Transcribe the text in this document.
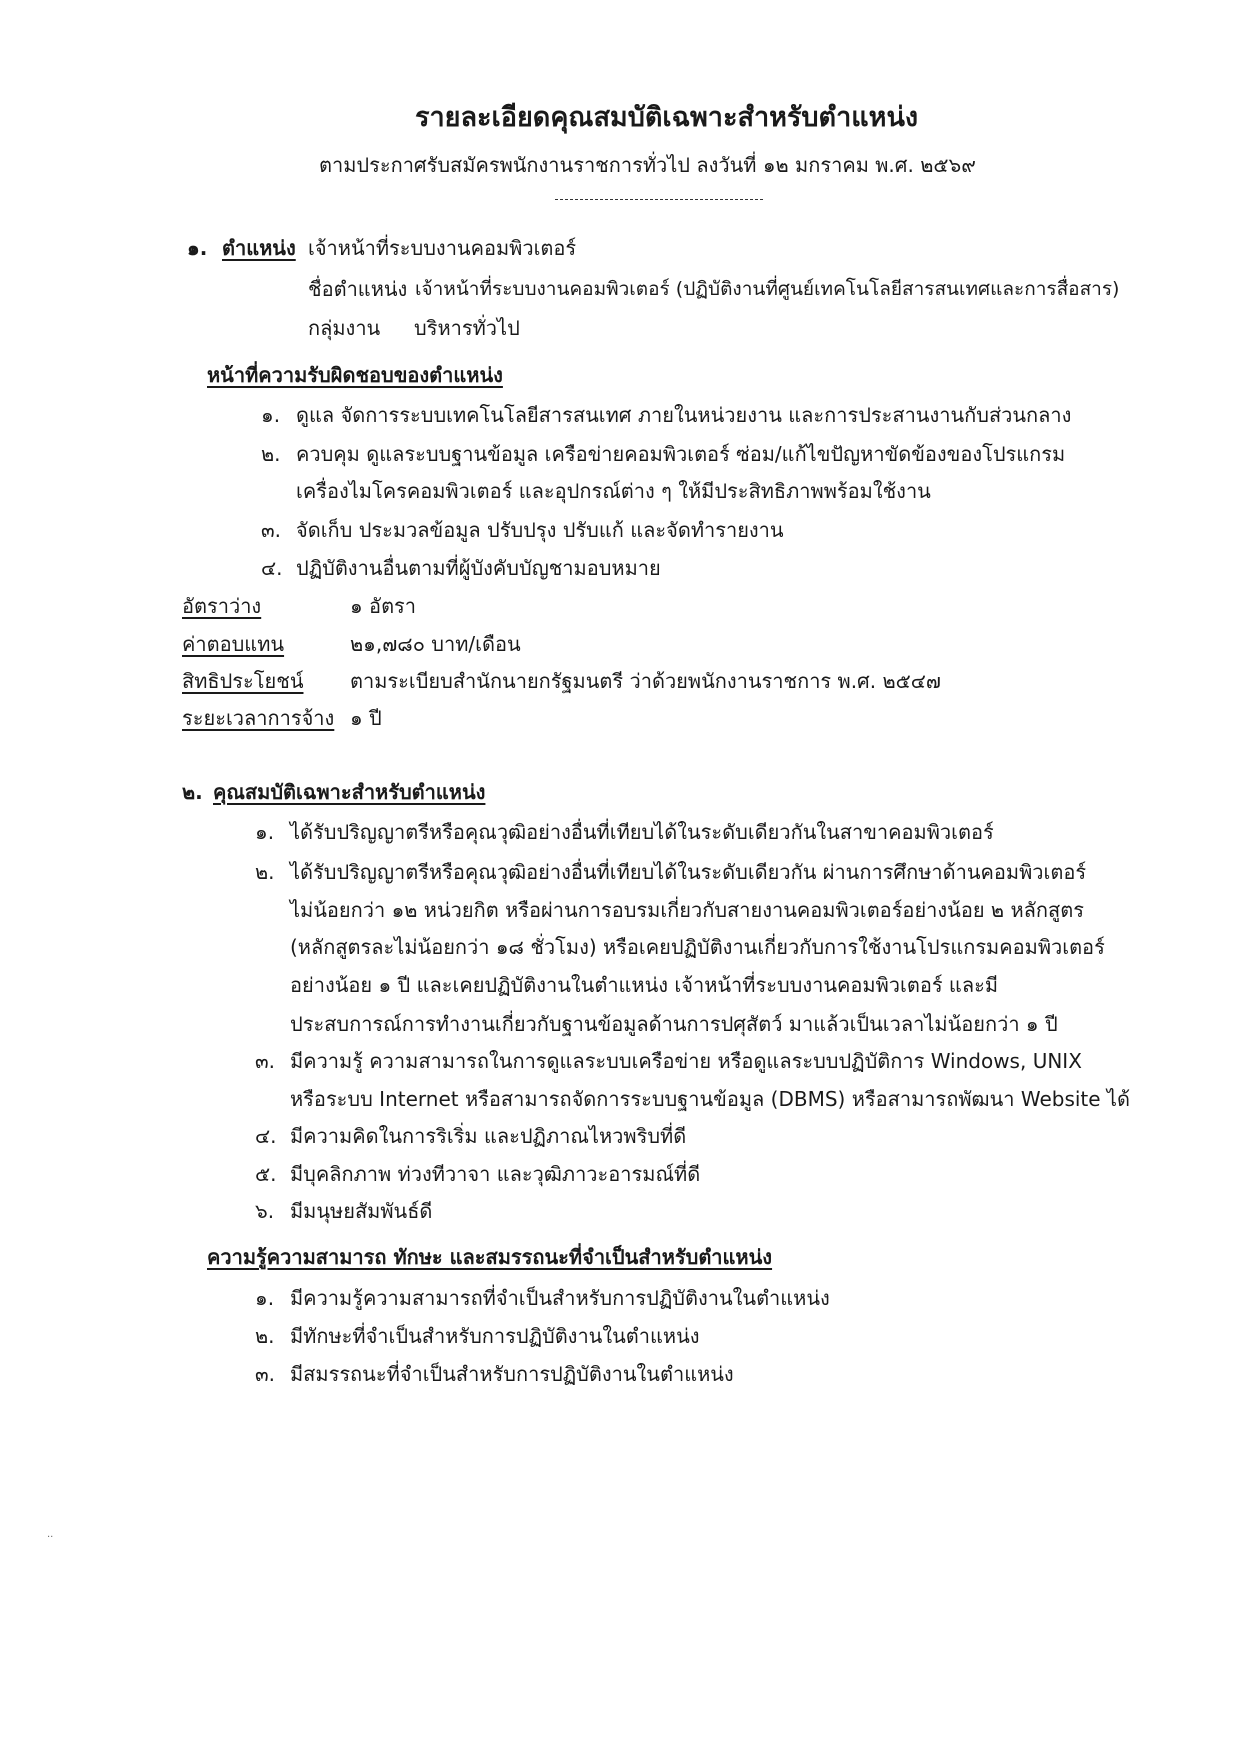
รายละเอียดคุณสมบัติเฉพาะสำหรับตำแหน่ง
ตามประกาศรับสมัครพนักงานราชการทั่วไป ลงวันที่ ๑๒ มกราคม พ.ศ. ๒๕๖๙
๑. ตำแหน่ง เจ้าหน้าที่ระบบงานคอมพิวเตอร์
ชื่อตำแหน่ง เจ้าหน้าที่ระบบงานคอมพิวเตอร์ (ปฏิบัติงานที่ศูนย์เทคโนโลยีสารสนเทศและการสื่อสาร)
กลุ่มงาน บริหารทั่วไป
หน้าที่ความรับผิดชอบของตำแหน่ง
๑. ดูแล จัดการระบบเทคโนโลยีสารสนเทศ ภายในหน่วยงาน และการประสานงานกับส่วนกลาง
๒. ควบคุม ดูแลระบบฐานข้อมูล เครือข่ายคอมพิวเตอร์ ซ่อม/แก้ไขปัญหาขัดข้องของโปรแกรม
เครื่องไมโครคอมพิวเตอร์ และอุปกรณ์ต่าง ๆ ให้มีประสิทธิภาพพร้อมใช้งาน
๓. จัดเก็บ ประมวลข้อมูล ปรับปรุง ปรับแก้ และจัดทำรายงาน
๔. ปฏิบัติงานอื่นตามที่ผู้บังคับบัญชามอบหมาย
อัตราว่าง	๑ อัตรา
ค่าตอบแทน	๒๑,๗๘๐ บาท/เดือน
สิทธิประโยชน์ ตามระเบียบสำนักนายกรัฐมนตรี ว่าด้วยพนักงานราชการ พ.ศ. ๒๕๔๗
ระยะเวลาการจ้าง ๑ ปี
๒. คุณสมบัติเฉพาะสำหรับตำแหน่ง
๑. ได้รับปริญญาตรีหรือคุณวุฒิอย่างอื่นที่เทียบได้ในระดับเดียวกันในสาขาคอมพิวเตอร์
๒. ได้รับปริญญาตรีหรือคุณวุฒิอย่างอื่นที่เทียบได้ในระดับเดียวกัน ผ่านการศึกษาด้านคอมพิวเตอร์
ไม่น้อยกว่า ๑๒ หน่วยกิต หรือผ่านการอบรมเกี่ยวกับสายงานคอมพิวเตอร์อย่างน้อย ๒ หลักสูตร
(หลักสูตรละไม่น้อยกว่า ๑๘ ชั่วโมง) หรือเคยปฏิบัติงานเกี่ยวกับการใช้งานโปรแกรมคอมพิวเตอร์
อย่างน้อย ๑ ปี และเคยปฏิบัติงานในตำแหน่ง เจ้าหน้าที่ระบบงานคอมพิวเตอร์ และมี
ประสบการณ์การทำงานเกี่ยวกับฐานข้อมูลด้านการปศุสัตว์ มาแล้วเป็นเวลาไม่น้อยกว่า ๑ ปี
๓. มีความรู้ ความสามารถในการดูแลระบบเครือข่าย หรือดูแลระบบปฏิบัติการ Windows, UNIX
หรือระบบ Internet หรือสามารถจัดการระบบฐานข้อมูล (DBMS) หรือสามารถพัฒนา Website ได้
๔. มีความคิดในการริเริ่ม และปฏิภาณไหวพริบที่ดี
๕. มีบุคลิกภาพ ท่วงทีวาจา และวุฒิภาวะอารมณ์ที่ดี
๖. มีมนุษยสัมพันธ์ดี
ความรู้ความสามารถ ทักษะ และสมรรถนะที่จำเป็นสำหรับตำแหน่ง
๑. มีความรู้ความสามารถที่จำเป็นสำหรับการปฏิบัติงานในตำแหน่ง
๒. มีทักษะที่จำเป็นสำหรับการปฏิบัติงานในตำแหน่ง
๓. มีสมรรถนะที่จำเป็นสำหรับการปฏิบัติงานในตำแหน่ง
··
